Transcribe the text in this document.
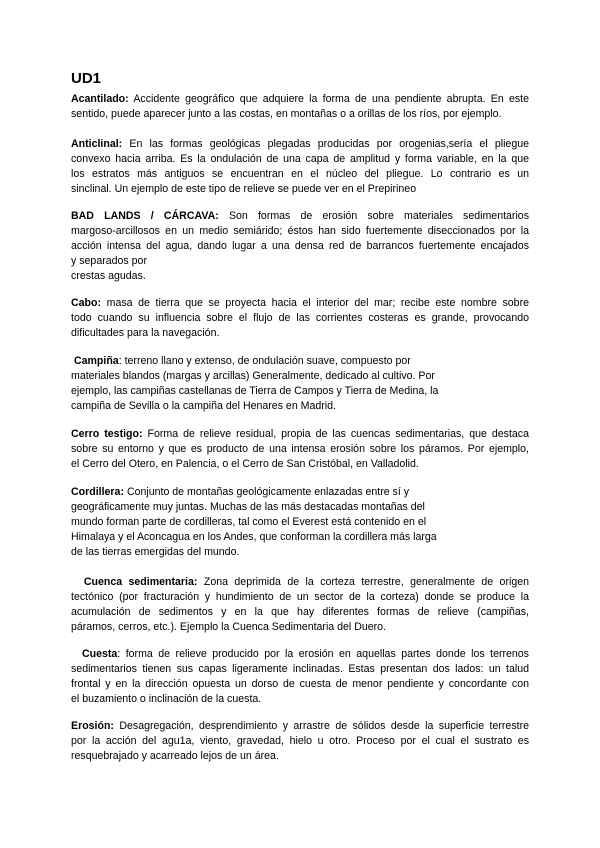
UD1
Acantilado: Accidente geográfico que adquiere la forma de una pendiente abrupta. En este
sentido, puede aparecer junto a las costas, en montañas o a orillas de los ríos, por ejemplo.
Anticlinal: En las formas geológicas plegadas producidas por orogenias,sería el pliegue
convexo hacia arriba. Es la ondulación de una capa de amplitud y forma variable, en la que
los estratos más antiguos se encuentran en el núcleo del pliegue. Lo contrario es un
sinclinal. Un ejemplo de este tipo de relieve se puede ver en el Prepirineo
BAD LANDS / CÁRCAVA: Son formas de erosión sobre materiales sedimentarios
margoso-arcillosos en un medio semiárido; éstos han sido fuertemente diseccionados por la
acción intensa del agua, dando lugar a una densa red de barrancos fuertemente encajados
y separados por
crestas agudas.
Cabo: masa de tierra que se proyecta hacia el interior del mar; recibe este nombre sobre
todo cuando su influencia sobre el flujo de las corrientes costeras es grande, provocando
dificultades para la navegación.
Campiña: terreno llano y extenso, de ondulación suave, compuesto por
materiales blandos (margas y arcillas) Generalmente, dedicado al cultivo. Por
ejemplo, las campiñas castellanas de Tierra de Campos y Tierra de Medina, la
campiña de Sevilla o la campiña del Henares en Madrid.
Cerro testigo: Forma de relieve residual, propia de las cuencas sedimentarias, que destaca
sobre su entorno y que es producto de una intensa erosión sobre los páramos. Por ejemplo,
el Cerro del Otero, en Palencia, o el Cerro de San Cristóbal, en Valladolid.
Cordillera: Conjunto de montañas geológicamente enlazadas entre sí y
geográficamente muy juntas. Muchas de las más destacadas montañas del
mundo forman parte de cordilleras, tal como el Everest está contenido en el
Himalaya y el Aconcagua en los Andes, que conforman la cordillera más larga
de las tierras emergidas del mundo.
Cuenca sedimentaria: Zona deprimida de la corteza terrestre, generalmente de origen
tectónico (por fracturación y hundimiento de un sector de la corteza) donde se produce la
acumulación de sedimentos y en la que hay diferentes formas de relieve (campiñas,
páramos, cerros, etc.). Ejemplo la Cuenca Sedimentaria del Duero.
Cuesta: forma de relieve producido por la erosión en aquellas partes donde los terrenos
sedimentarios tienen sus capas ligeramente inclinadas. Estas presentan dos lados: un talud
frontal y en la dirección opuesta un dorso de cuesta de menor pendiente y concordante con
el buzamiento o inclinación de la cuesta.
Erosión: Desagregación, desprendimiento y arrastre de sólidos desde la superficie terrestre
por la acción del agu1a, viento, gravedad, hielo u otro. Proceso por el cual el sustrato es
resquebrajado y acarreado lejos de un área.
